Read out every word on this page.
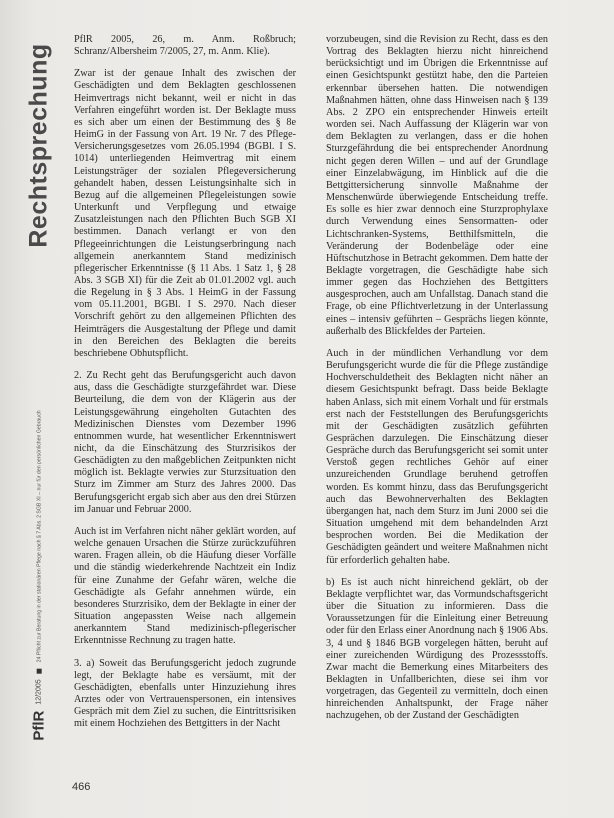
Rechtsprechung
PflR
12/2005
24 Pflicht zur Beratung in der stationären Pflege nach § 7 Abs. 2 SGB XI – nur für den persönlichen Gebrauch

PflR 2005, 26, m. Anm. Roßbruch; Schranz/Albersheim 7/2005, 27, m. Anm. Klie).

Zwar ist der genaue Inhalt des zwischen der Geschädigten und dem Beklagten geschlossenen Heimvertrags nicht bekannt, weil er nicht in das Verfahren eingeführt worden ist. Der Beklagte muss es sich aber um einen der Bestimmung des § 8e HeimG in der Fassung von Art. 19 Nr. 7 des Pflege-Versicherungsgesetzes vom 26.05.1994 (BGBl. I S. 1014) unterliegenden Heimvertrag mit einem Leistungsträger der sozialen Pflegeversicherung gehandelt haben, dessen Leistungsinhalte sich in Bezug auf die allgemeinen Pflegeleistungen sowie Unterkunft und Verpflegung und etwaige Zusatzleistungen nach den Pflichten Buch SGB XI bestimmen. Danach verlangt er von den Pflegeeinrichtungen die Leistungserbringung nach allgemein anerkanntem Stand medizinisch pflegerischer Erkenntnisse (§ 11 Abs. 1 Satz 1, § 28 Abs. 3 SGB XI) für die Zeit ab 01.01.2002 vgl. auch die Regelung in § 3 Abs. 1 HeimG in der Fassung vom 05.11.2001, BGBl. I S. 2970. Nach dieser Vorschrift gehört zu den allgemeinen Pflichten des Heimträgers die Ausgestaltung der Pflege und damit in den Bereichen des Beklagten die bereits beschriebene Obhutspflicht.

2. Zu Recht geht das Berufungsgericht auch davon aus, dass die Geschädigte sturzgefährdet war. Diese Beurteilung, die dem von der Klägerin aus der Leistungsgewährung eingeholten Gutachten des Medizinischen Dienstes vom Dezember 1996 entnommen wurde, hat wesentlicher Erkenntniswert nicht, da die Einschätzung des Sturzrisikos der Geschädigten zu den maßgeblichen Zeitpunkten nicht möglich ist. Beklagte verwies zur Sturzsituation den Sturz im Zimmer am Sturz des Jahres 2000. Das Berufungsgericht ergab sich aber aus den drei Stürzen im Januar und Februar 2000.

Auch ist im Verfahren nicht näher geklärt worden, auf welche genauen Ursachen die Stürze zurückzuführen waren. Fragen allein, ob die Häufung dieser Vorfälle und die ständig wiederkehrende Nachtzeit ein Indiz für eine Zunahme der Gefahr wären, welche die Geschädigte als Gefahr annehmen würde, ein besonderes Sturzrisiko, dem der Beklagte in einer der Situation angepassten Weise nach allgemein anerkanntem Stand medizinisch-pflegerischer Erkenntnisse Rechnung zu tragen hatte.

3. a) Soweit das Berufungsgericht jedoch zugrunde legt, der Beklagte habe es versäumt, mit der Geschädigten, ebenfalls unter Hinzuziehung ihres Arztes oder von Vertrauenspersonen, ein intensives Gespräch mit dem Ziel zu suchen, die Eintrittsrisiken mit einem Hochziehen des Bettgitters in der Nacht

vorzubeugen, sind die Revision zu Recht, dass es den Vortrag des Beklagten hierzu nicht hinreichend berücksichtigt und im Übrigen die Erkenntnisse auf einen Gesichtspunkt gestützt habe, den die Parteien erkennbar übersehen hatten. Die notwendigen Maßnahmen hätten, ohne dass Hinweisen nach § 139 Abs. 2 ZPO ein entsprechender Hinweis erteilt worden sei. Nach Auffassung der Klägerin war von dem Beklagten zu verlangen, dass er die hohen Sturzgefährdung die bei entsprechender Anordnung nicht gegen deren Willen – und auf der Grundlage einer Einzelabwägung, im Hinblick auf die die Bettgittersicherung sinnvolle Maßnahme der Menschenwürde überwiegende Entscheidung treffe. Es solle es hier zwar dennoch eine Sturzprophylaxe durch Verwendung eines Sensormatten- oder Lichtschranken-Systems, Betthilfsmitteln, die Veränderung der Bodenbeläge oder eine Hüftschutzhose in Betracht gekommen. Dem hatte der Beklagte vorgetragen, die Geschädigte habe sich immer gegen das Hochziehen des Bettgitters ausgesprochen, auch am Unfallstag. Danach stand die Frage, ob eine Pflichtverletzung in der Unterlassung eines – intensiv geführten – Gesprächs liegen könnte, außerhalb des Blickfeldes der Parteien.

Auch in der mündlichen Verhandlung vor dem Berufungsgericht wurde die für die Pflege zuständige Hochverschuldetheit des Beklagten nicht näher an diesem Gesichtspunkt befragt. Dass beide Beklagte haben Anlass, sich mit einem Vorhalt und für erstmals erst nach der Feststellungen des Berufungsgerichts mit der Geschädigten zusätzlich geführten Gesprächen darzulegen. Die Einschätzung dieser Gespräche durch das Berufungsgericht sei somit unter Verstoß gegen rechtliches Gehör auf einer unzureichenden Grundlage beruhend getroffen worden. Es kommt hinzu, dass das Berufungsgericht auch das Bewohnerverhalten des Beklagten übergangen hat, nach dem Sturz im Juni 2000 sei die Situation umgehend mit dem behandelnden Arzt besprochen worden. Bei die Medikation der Geschädigten geändert und weitere Maßnahmen nicht für erforderlich gehalten habe.

b) Es ist auch nicht hinreichend geklärt, ob der Beklagte verpflichtet war, das Vormundschaftsgericht über die Situation zu informieren. Dass die Voraussetzungen für die Einleitung einer Betreuung oder für den Erlass einer Anordnung nach § 1906 Abs. 3, 4 und § 1846 BGB vorgelegen hätten, beruht auf einer zureichenden Würdigung des Prozessstoffs. Zwar macht die Bemerkung eines Mitarbeiters des Beklagten in Unfallberichten, diese sei ihm vor vorgetragen, das Gegenteil zu vermitteln, doch einen hinreichenden Anhaltspunkt, der Frage näher nachzugehen, ob der Zustand der Geschädigten

466
